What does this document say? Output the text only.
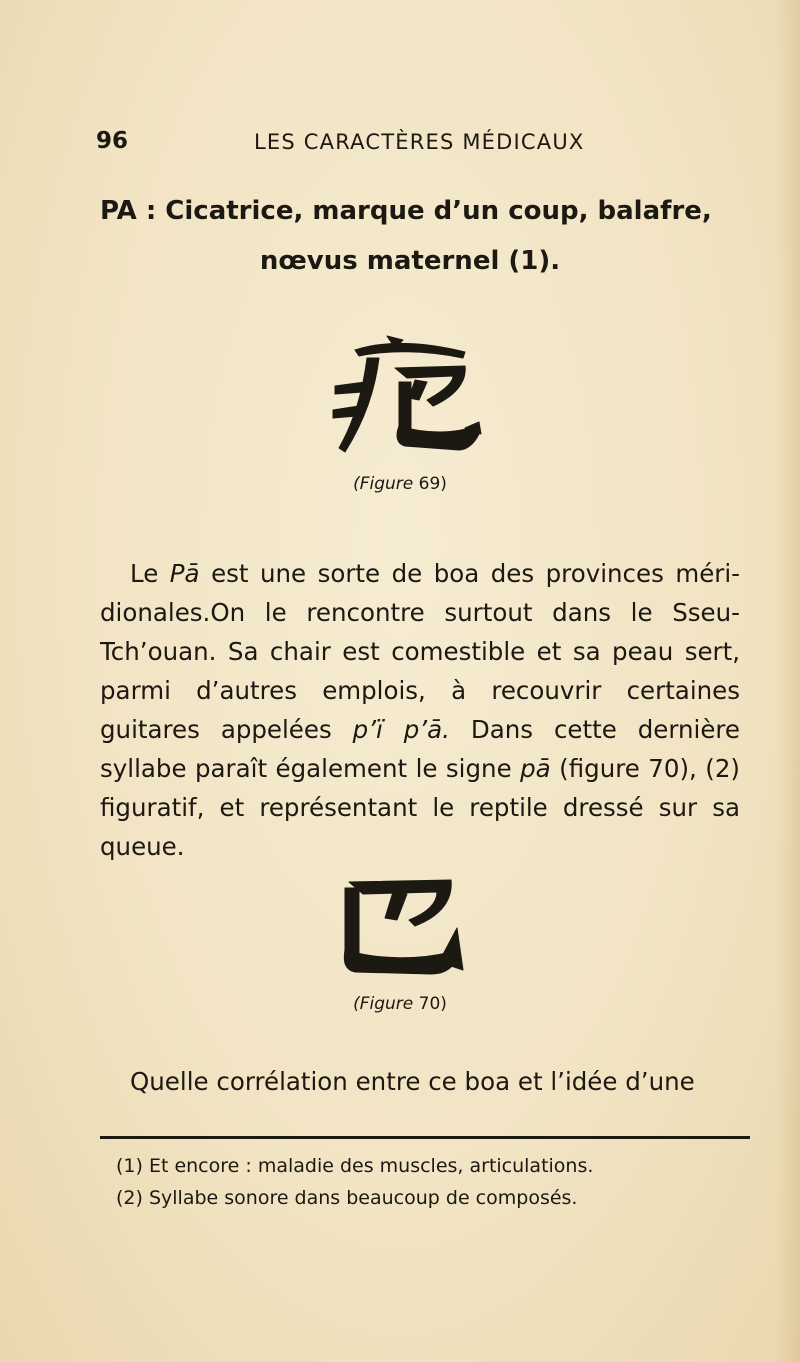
96	LES CARACTÈRES MÉDICAUX
PA : Cicatrice, marque d’un coup, balafre,
nœvus maternel (1).
(Figure 69)
Le Pā est une sorte de boa des provinces méri- dionales.On le rencontre surtout dans le Sseu-Tch’ouan. Sa chair est comestible et sa peau sert, parmi d’autres emplois, à recouvrir certaines guitares appelées p’ï p’ā. Dans cette dernière syllabe paraît également le signe pā (figure 70), (2) figuratif, et représentant le reptile dressé sur sa queue.
(Figure 70)
Quelle corrélation entre ce boa et l’idée d’une
(1) Et encore : maladie des muscles, articulations.
(2) Syllabe sonore dans beaucoup de composés.
